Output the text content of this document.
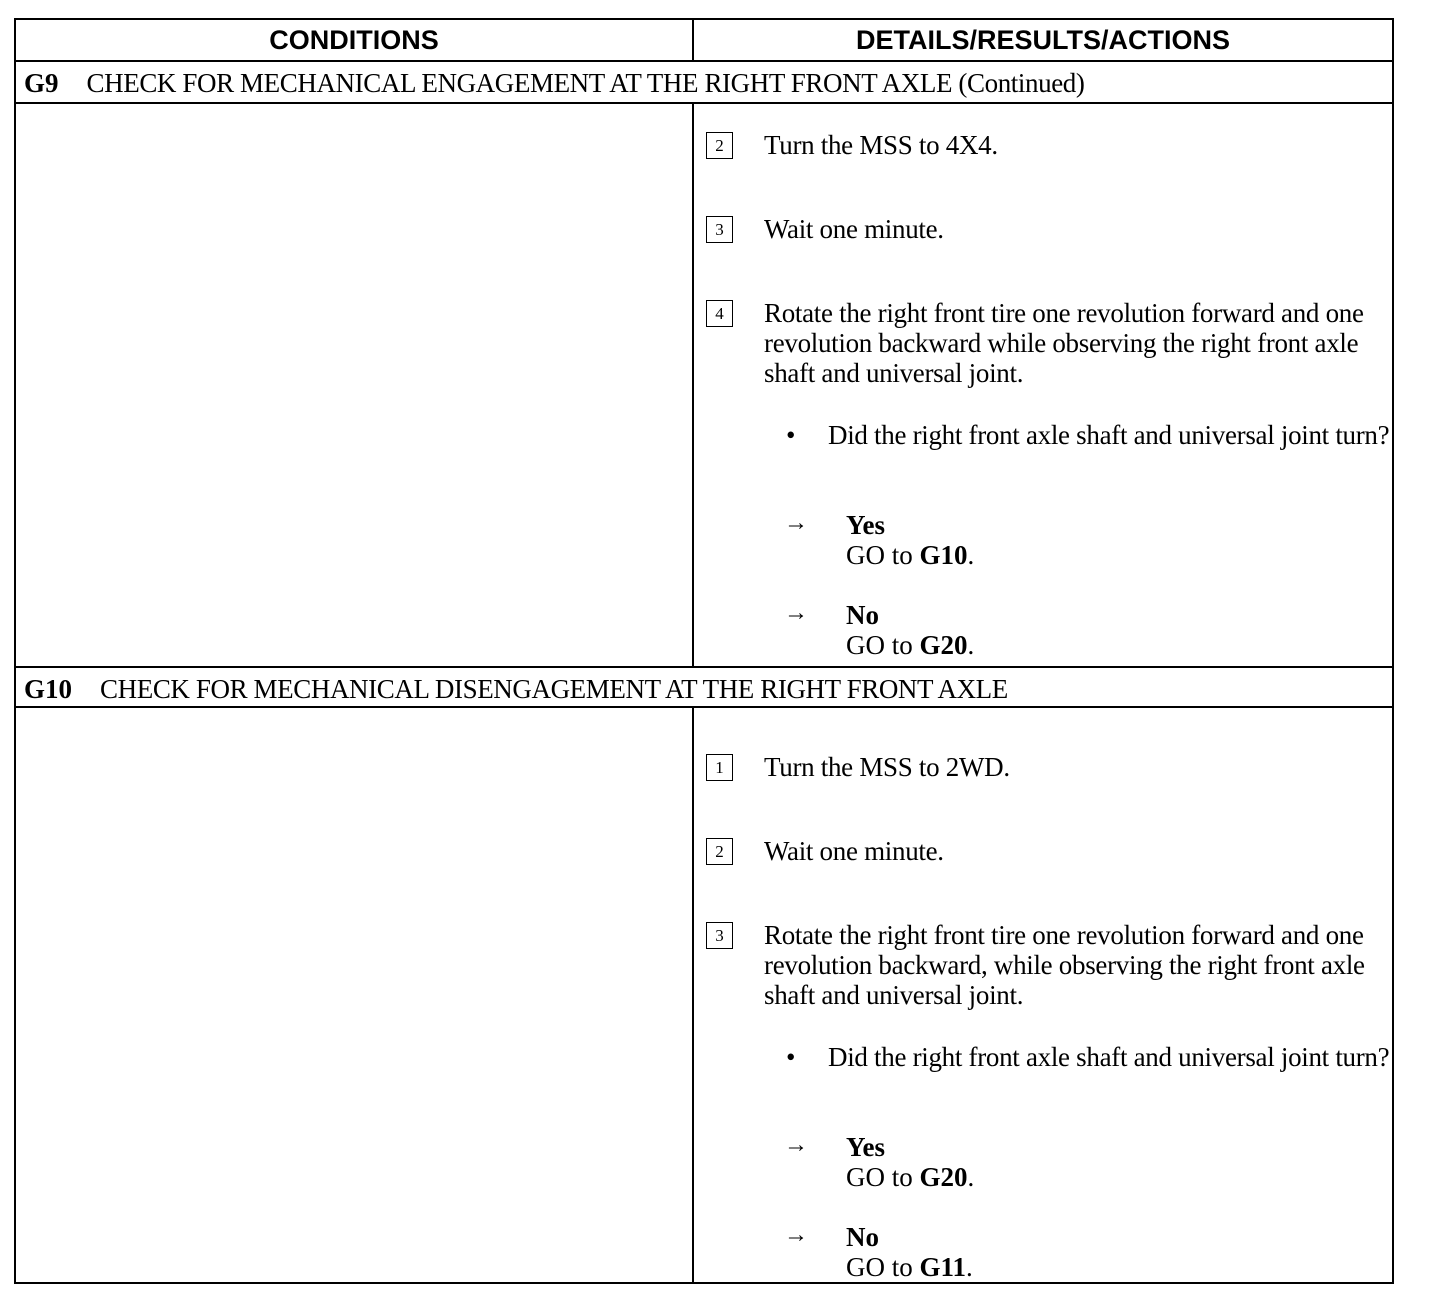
CONDITIONS	DETAILS/RESULTS/ACTIONS
G9 CHECK FOR MECHANICAL ENGAGEMENT AT THE RIGHT FRONT AXLE (Continued)
2	Turn the MSS to 4X4.
3	Wait one minute.
4	Rotate the right front tire one revolution forward and one revolution backward while observing the right front axle shaft and universal joint.
• Did the right front axle shaft and universal joint turn?
→ Yes
GO to G10.
→ No
GO to G20.
G10 CHECK FOR MECHANICAL DISENGAGEMENT AT THE RIGHT FRONT AXLE
1	Turn the MSS to 2WD.
2	Wait one minute.
3	Rotate the right front tire one revolution forward and one revolution backward, while observing the right front axle shaft and universal joint.
• Did the right front axle shaft and universal joint turn?
→ Yes
GO to G20.
→ No
GO to G11.
